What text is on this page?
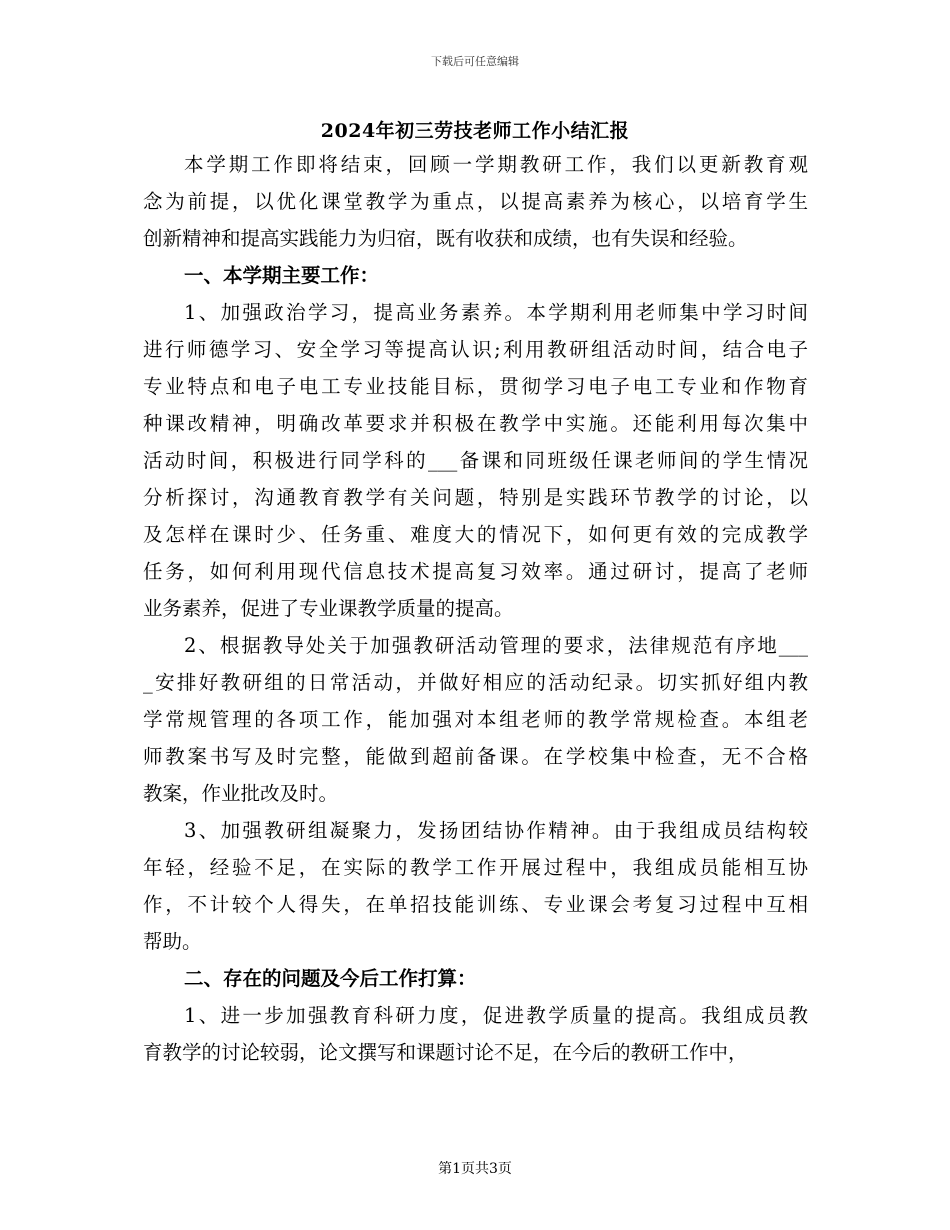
下载后可任意编辑
2024年初三劳技老师工作小结汇报
本学期工作即将结束，回顾一学期教研工作，我们以更新教育观
念为前提，以优化课堂教学为重点，以提高素养为核心，以培育学生
创新精神和提高实践能力为归宿，既有收获和成绩，也有失误和经验。
一、本学期主要工作：
1、加强政治学习，提高业务素养。本学期利用老师集中学习时间
进行师德学习、安全学习等提高认识;利用教研组活动时间，结合电子
专业特点和电子电工专业技能目标，贯彻学习电子电工专业和作物育
种课改精神，明确改革要求并积极在教学中实施。还能利用每次集中
活动时间，积极进行同学科的___备课和同班级任课老师间的学生情况
分析探讨，沟通教育教学有关问题，特别是实践环节教学的讨论，以
及怎样在课时少、任务重、难度大的情况下，如何更有效的完成教学
任务，如何利用现代信息技术提高复习效率。通过研讨，提高了老师
业务素养，促进了专业课教学质量的提高。
2、根据教导处关于加强教研活动管理的要求，法律规范有序地___
_安排好教研组的日常活动，并做好相应的活动纪录。切实抓好组内教
学常规管理的各项工作，能加强对本组老师的教学常规检查。本组老
师教案书写及时完整，能做到超前备课。在学校集中检查，无不合格
教案，作业批改及时。
3、加强教研组凝聚力，发扬团结协作精神。由于我组成员结构较
年轻，经验不足，在实际的教学工作开展过程中，我组成员能相互协
作，不计较个人得失，在单招技能训练、专业课会考复习过程中互相
帮助。
二、存在的问题及今后工作打算：
1、进一步加强教育科研力度，促进教学质量的提高。我组成员教
育教学的讨论较弱，论文撰写和课题讨论不足，在今后的教研工作中，
第1页共3页
